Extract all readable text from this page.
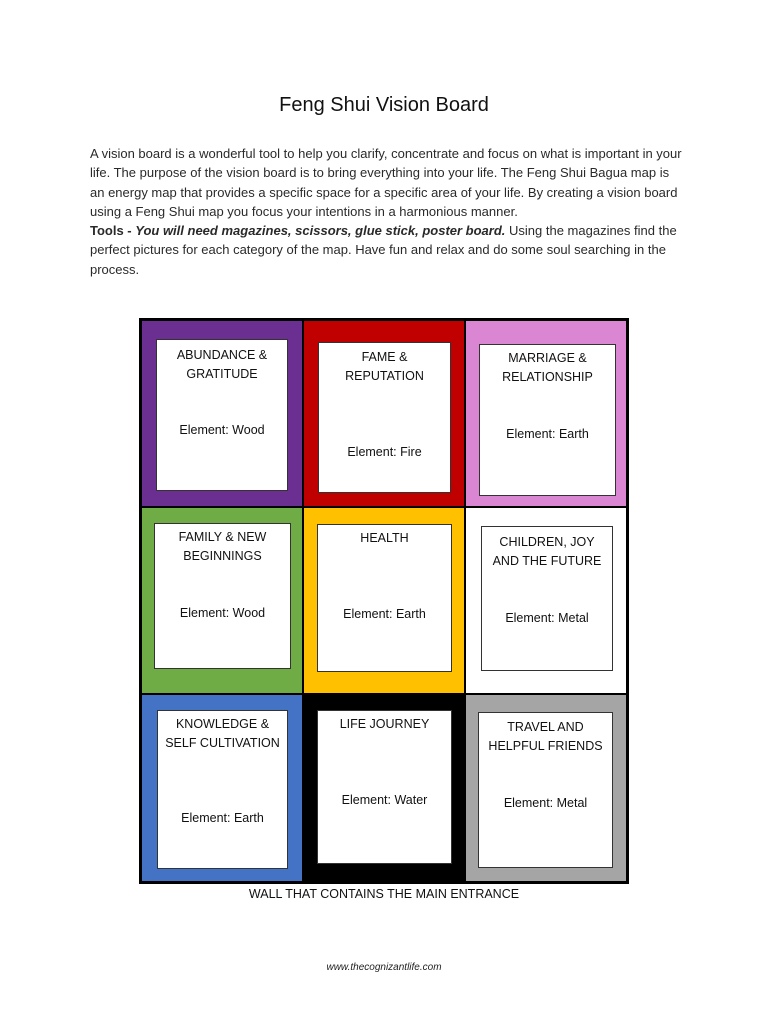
Feng Shui Vision Board

A vision board is a wonderful tool to help you clarify, concentrate and focus on what is important in your life. The purpose of the vision board is to bring everything into your life. The Feng Shui Bagua map is an energy map that provides a specific space for a specific area of your life. By creating a vision board using a Feng Shui map you focus your intentions in a harmonious manner.

Tools - You will need magazines, scissors, glue stick, poster board. Using the magazines find the perfect pictures for each category of the map. Have fun and relax and do some soul searching in the process.

ABUNDANCE & GRATITUDE
Element: Wood
FAME & REPUTATION
Element: Fire
MARRIAGE & RELATIONSHIP
Element: Earth
FAMILY & NEW BEGINNINGS
Element: Wood
HEALTH
Element: Earth
CHILDREN, JOY AND THE FUTURE
Element: Metal
KNOWLEDGE & SELF CULTIVATION
Element: Earth
LIFE JOURNEY
Element: Water
TRAVEL AND HELPFUL FRIENDS
Element: Metal
WALL THAT CONTAINS THE MAIN ENTRANCE
www.thecognizantlife.com
